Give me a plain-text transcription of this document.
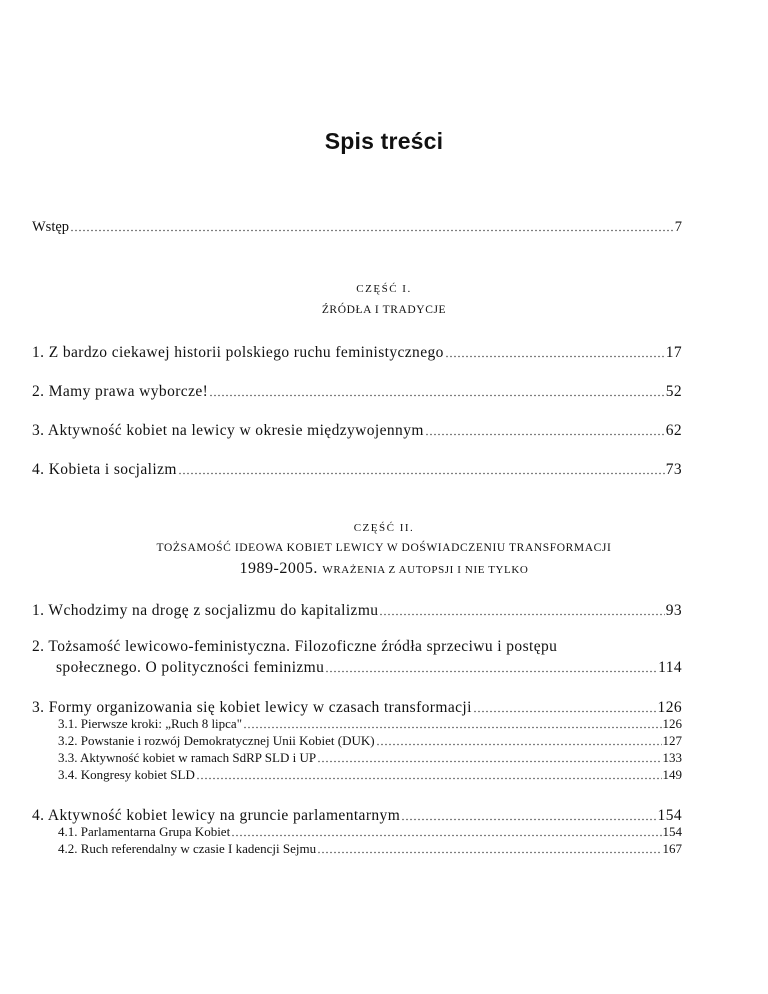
Spis treści
Wstęp	7
CZĘŚĆ I.
ŹRÓDŁA I TRADYCJE
1. Z bardzo ciekawej historii polskiego ruchu feministycznego	17
2. Mamy prawa wyborcze!	52
3. Aktywność kobiet na lewicy w okresie międzywojennym	62
4. Kobieta i socjalizm	73
CZĘŚĆ II.
TOŻSAMOŚĆ IDEOWA KOBIET LEWICY W DOŚWIADCZENIU TRANSFORMACJI
1989-2005. WRAŻENIA Z AUTOPSJI I NIE TYLKO
1. Wchodzimy na drogę z socjalizmu do kapitalizmu	93
2. Tożsamość lewicowo-feministyczna. Filozoficzne źródła sprzeciwu i postępu
społecznego. O polityczności feminizmu	114
3. Formy organizowania się kobiet lewicy w czasach transformacji	126
3.1. Pierwsze kroki: „Ruch 8 lipca"	126
3.2. Powstanie i rozwój Demokratycznej Unii Kobiet (DUK)	127
3.3. Aktywność kobiet w ramach SdRP SLD i UP	133
3.4. Kongresy kobiet SLD	149
4. Aktywność kobiet lewicy na gruncie parlamentarnym	154
4.1. Parlamentarna Grupa Kobiet	154
4.2. Ruch referendalny w czasie I kadencji Sejmu	167
